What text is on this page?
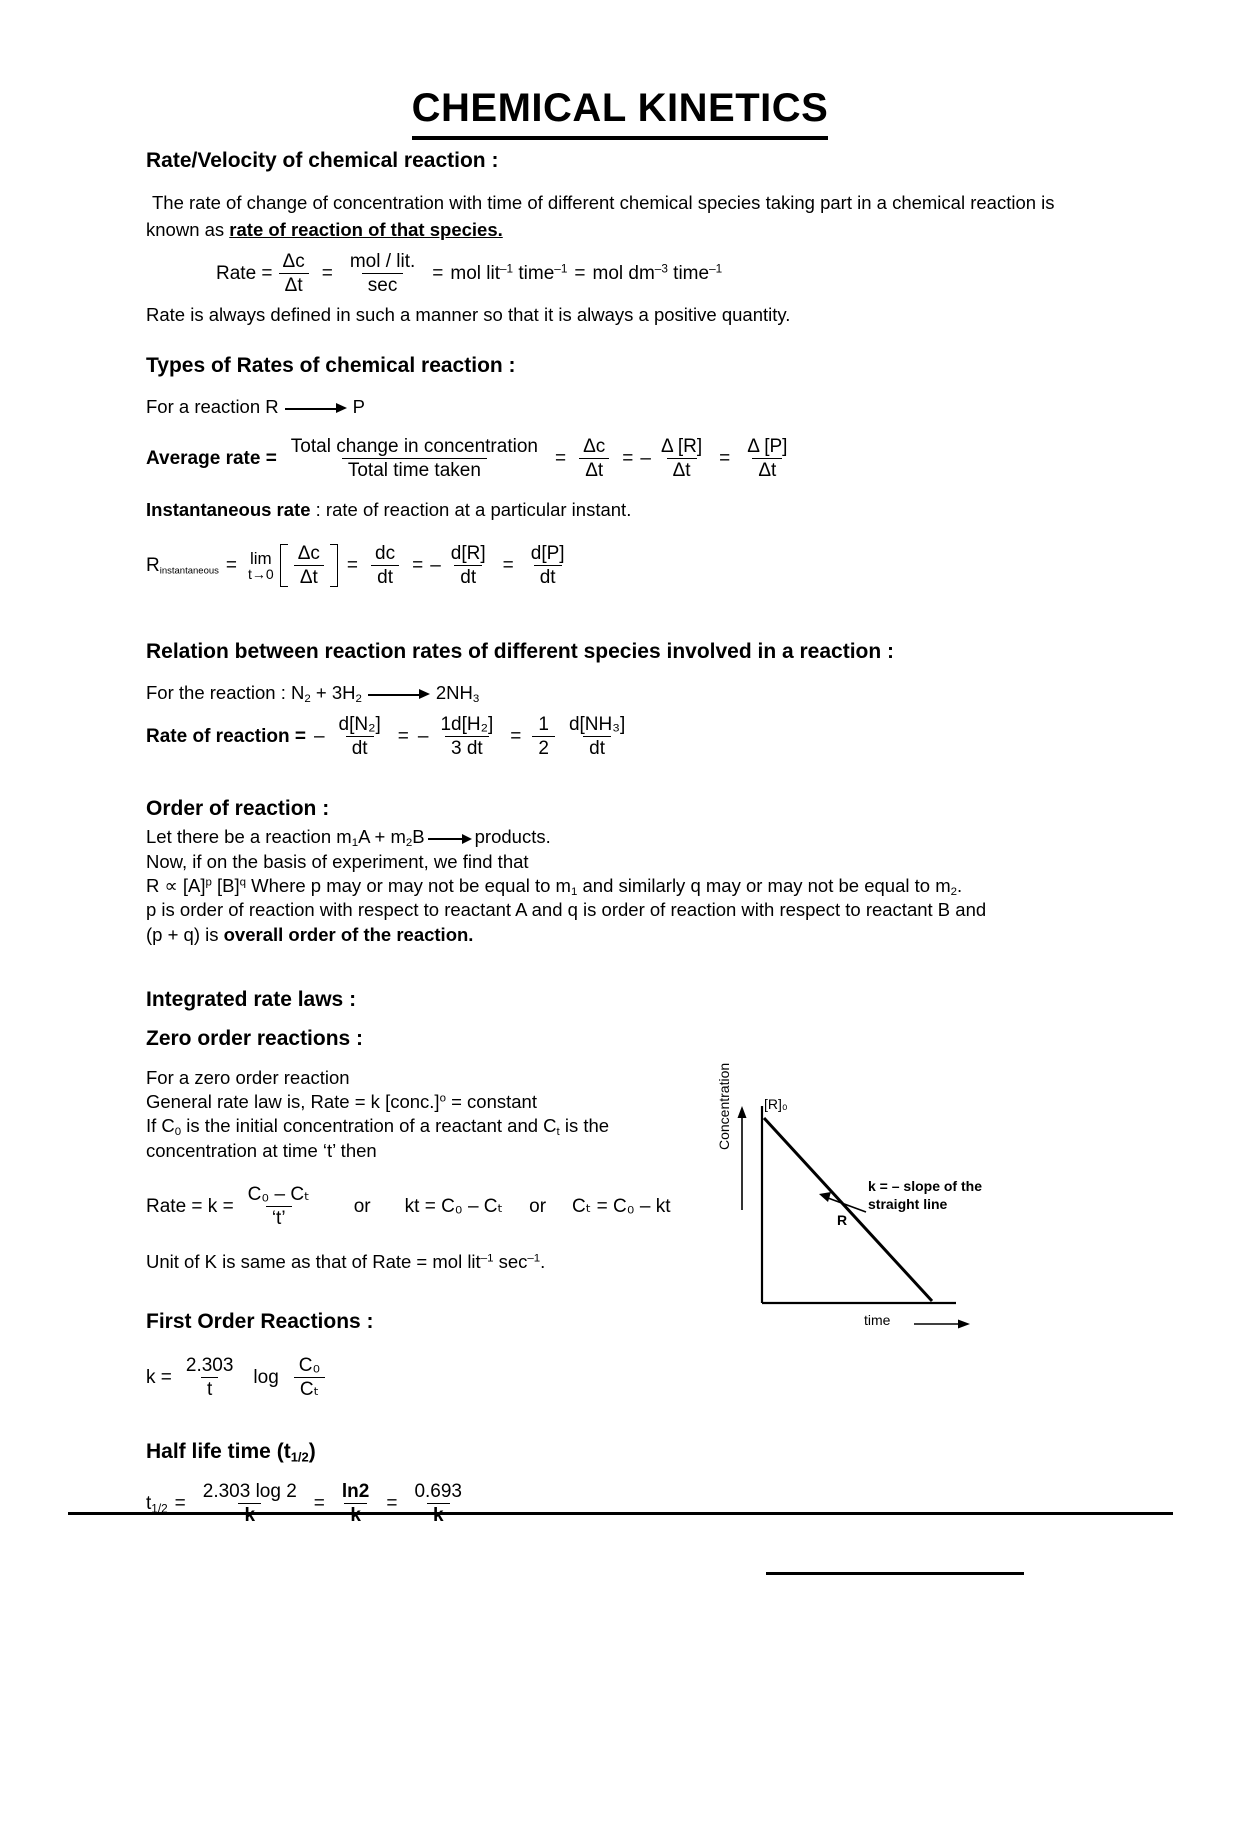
CHEMICAL KINETICS
Rate/Velocity of chemical reaction :

The rate of change of concentration with time of different chemical species taking part in a chemical reaction is

known as rate of reaction of that species.

Rate = $\frac{\Delta c}{\Delta t} = \frac{\text{mol / lit.}}{\sec}$ = mol lit$^{-1}$ time$^{-1}$ = mol $dm^{-3}$ time$^{-1}$

Rate is always defined in such a manner so that it is always a positive quantity.

Types of Rates of chemical reaction :

For a reaction R	P

Average rate = $\frac{\text{Total change in concentration}}{\text{Total time taken}} = \frac{\Delta c}{\Delta t}$ = – $\frac{\Delta [R]}{\Delta t} = \frac{\Delta [P]}{\Delta t}$

Instantaneous rate : rate of reaction at a particular instant.

$R_{instantaneous} = \lim$
$t\to 0 \frac{\Delta c}{\Delta t} = \frac{dc}{dt}$ = – $\frac{d[R]}{dt} = \frac{d[P]}{dt}$
Relation between reaction rates of different species involved in a reaction :

For the reaction : $N_2 + 3H_2$	$2NH_3$

Rate of reaction = – $\frac{\text{d[N₂]}}{dt}$ = – $\frac{\text{1d[H₂]}}{3 dt} = \frac{1}{2} \frac{\text{d[NH₃]}}{dt}$
Order of reaction :

Let there be a reaction $m_1A + m_2B$	products.

Now, if on the basis of experiment, we find that

$R \propto [A]^p$ $[B]^q$ Where p may or may not be equal to $m_1$ and similarly q may or may not be equal to $m_2$.

p is order of reaction with respect to reactant A and q is order of reaction with respect to reactant B and

(p + q) is overall order of the reaction.

Integrated rate laws :
Zero order reactions :

For a zero order reaction

General rate law is, Rate = k [conc.]$^o$ = constant

If $C_0$ is the initial concentration of a reactant and $C_t$ is the

concentration at time ‘t’ then

Rate = $k = \frac{\text{C₀ – Cₜ}}{‘t’}$ or kt = C₀ – Cₜ or Cₜ = C₀ – kt

Unit of K is same as that of Rate = mol lit$^{-1}$ $\sec^{-1}$.

First Order Reactions :
$k = \frac{2.303}{t}$ $\log \frac{\text{C₀}}{\text{Cₜ}}$
Half life time $(t_{1/2})$
$t_{1/2} = \frac{2.303 \log 2}{k} = \frac{\ln 2}{k} = \frac{0.693}{k}$
[R]₀
Concentration
time
R
k = – slope of the
straight line
